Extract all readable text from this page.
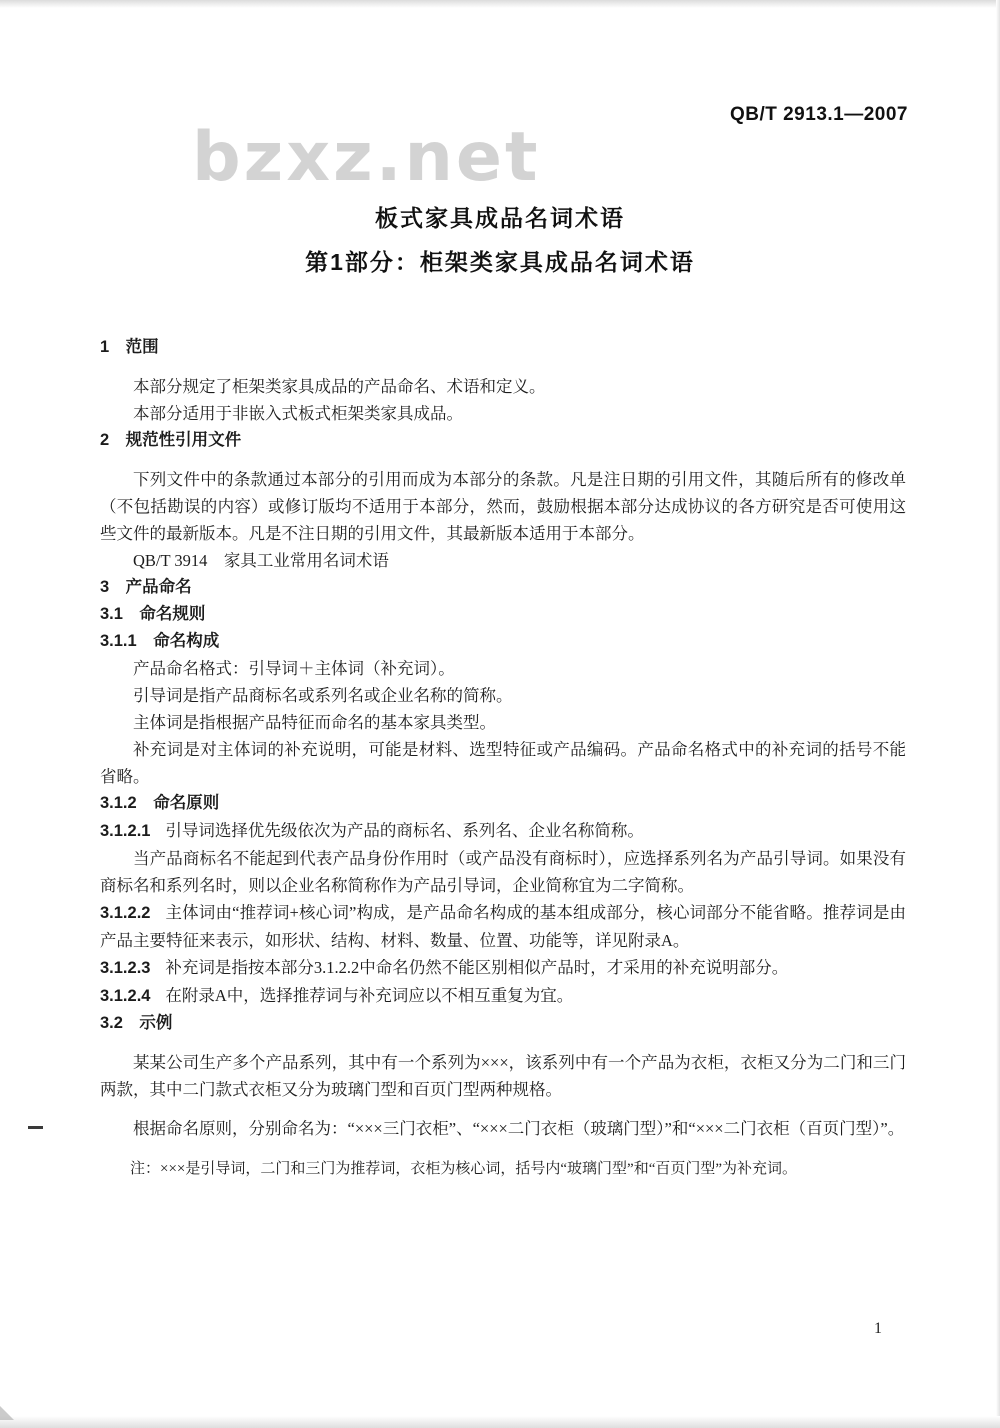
QB/T 2913.1—2007
bzxz.net
板式家具成品名词术语
第1部分：柜架类家具成品名词术语
1　范围

本部分规定了柜架类家具成品的产品命名、术语和定义。

本部分适用于非嵌入式板式柜架类家具成品。

2　规范性引用文件

下列文件中的条款通过本部分的引用而成为本部分的条款。凡是注日期的引用文件，其随后所有的修改单（不包括勘误的内容）或修订版均不适用于本部分，然而，鼓励根据本部分达成协议的各方研究是否可使用这些文件的最新版本。凡是不注日期的引用文件，其最新版本适用于本部分。

QB/T 3914　家具工业常用名词术语

3　产品命名
3.1　命名规则
3.1.1　命名构成

产品命名格式：引导词＋主体词（补充词）。

引导词是指产品商标名或系列名或企业名称的简称。

主体词是指根据产品特征而命名的基本家具类型。

补充词是对主体词的补充说明，可能是材料、选型特征或产品编码。产品命名格式中的补充词的括号不能省略。

3.1.2　命名原则

3.1.2.1 引导词选择优先级依次为产品的商标名、系列名、企业名称简称。

当产品商标名不能起到代表产品身份作用时（或产品没有商标时），应选择系列名为产品引导词。如果没有商标名和系列名时，则以企业名称简称作为产品引导词，企业简称宜为二字简称。

3.1.2.2 主体词由“推荐词+核心词”构成，是产品命名构成的基本组成部分，核心词部分不能省略。推荐词是由产品主要特征来表示，如形状、结构、材料、数量、位置、功能等，详见附录A。

3.1.2.3 补充词是指按本部分3.1.2.2中命名仍然不能区别相似产品时，才采用的补充说明部分。

3.1.2.4 在附录A中，选择推荐词与补充词应以不相互重复为宜。

3.2　示例

某某公司生产多个产品系列，其中有一个系列为×××，该系列中有一个产品为衣柜，衣柜又分为二门和三门两款，其中二门款式衣柜又分为玻璃门型和百页门型两种规格。

根据命名原则，分别命名为：“×××三门衣柜”、“×××二门衣柜（玻璃门型）”和“×××二门衣柜（百页门型）”。

注：×××是引导词，二门和三门为推荐词，衣柜为核心词，括号内“玻璃门型”和“百页门型”为补充词。

1
